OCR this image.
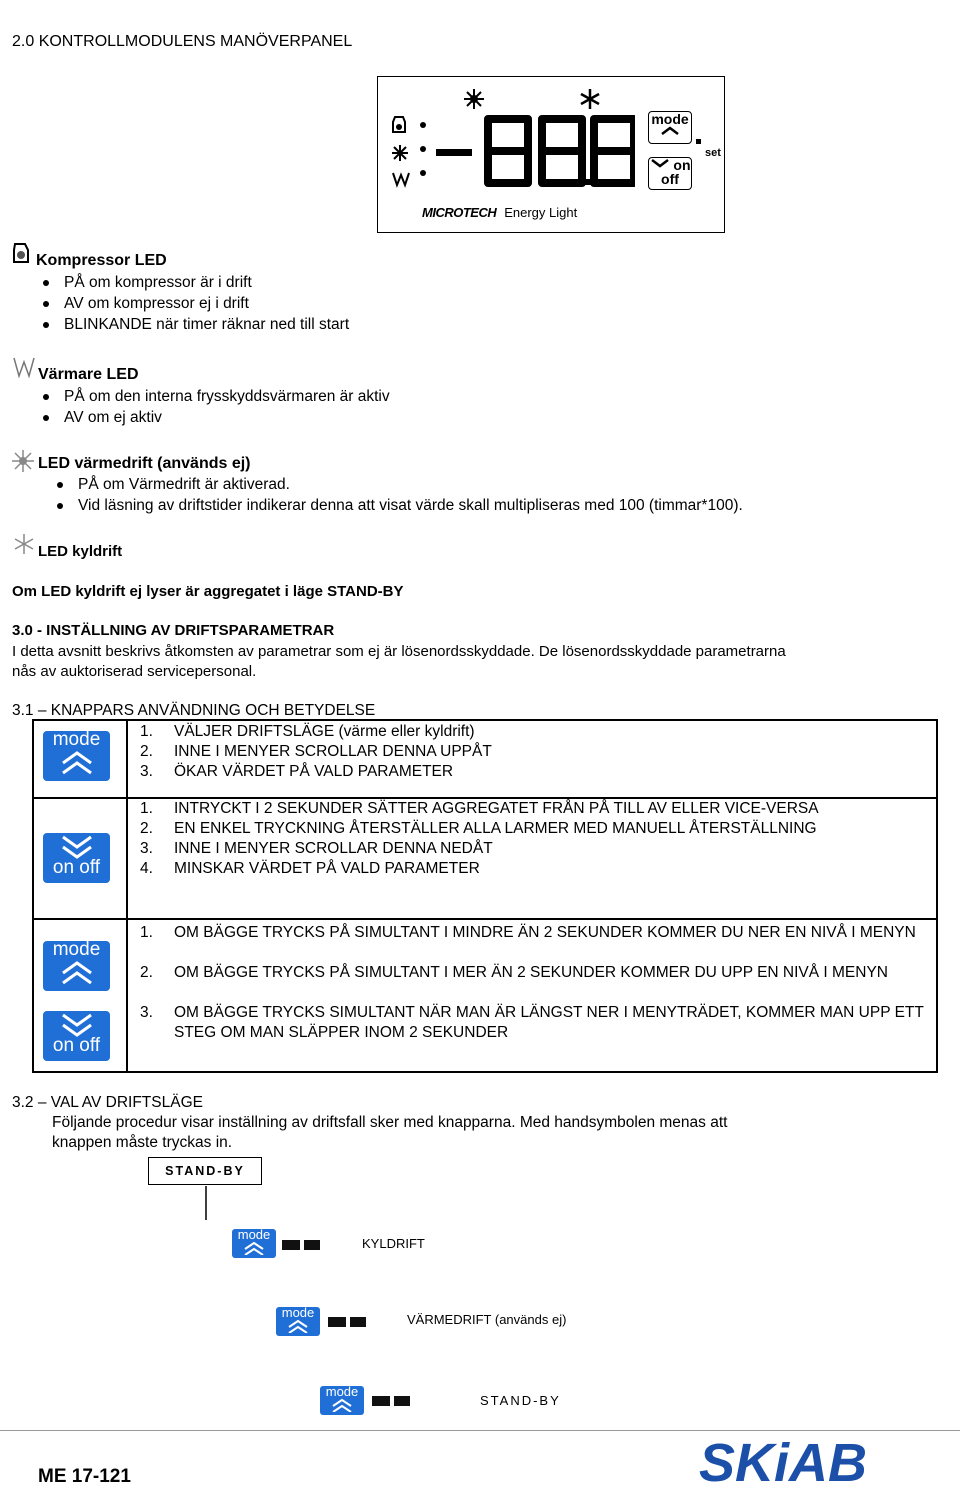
2.0 KONTROLLMODULENS MANÖVERPANEL
mode
on off
set
MICROTECH Energy Light
Kompressor LED
PÅ om kompressor är i drift
AV om kompressor ej i drift
BLINKANDE när timer räknar ned till start
Värmare LED
PÅ om den interna frysskyddsvärmaren är aktiv
AV om ej aktiv
LED värmedrift (används ej)
PÅ om Värmedrift är aktiverad.
Vid läsning av driftstider indikerar denna att visat värde skall multipliseras med 100 (timmar*100).
LED kyldrift
Om LED kyldrift ej lyser är aggregatet i läge STAND-BY
3.0 - INSTÄLLNING AV DRIFTSPARAMETRAR
I detta avsnitt beskrivs åtkomsten av parametrar som ej är lösenordsskyddade. De lösenordsskyddade parametrarna
nås av auktoriserad servicepersonal.
3.1 – KNAPPARS ANVÄNDNING OCH BETYDELSE
mode	1. VÄLJER DRIFTSLÄGE (värme eller kyldrift)
2. INNE I MENYER SCROLLAR DENNA UPPÅT
3. ÖKAR VÄRDET PÅ VALD PARAMETER
on off
1. INTRYCKT I 2 SEKUNDER SÄTTER AGGREGATET FRÅN PÅ TILL AV ELLER VICE-VERSA
2. EN ENKEL TRYCKNING ÅTERSTÄLLER ALLA LARMER MED MANUELL ÅTERSTÄLLNING
3. INNE I MENYER SCROLLAR DENNA NEDÅT
4. MINSKAR VÄRDET PÅ VALD PARAMETER
mode
on off
1. OM BÄGGE TRYCKS PÅ SIMULTANT I MINDRE ÄN 2 SEKUNDER KOMMER DU NER EN NIVÅ I MENYN
2. OM BÄGGE TRYCKS PÅ SIMULTANT I MER ÄN 2 SEKUNDER KOMMER DU UPP EN NIVÅ I MENYN
3. OM BÄGGE TRYCKS SIMULTANT NÄR MAN ÄR LÄNGST NER I MENYTRÄDET, KOMMER MAN UPP ETT STEG OM MAN SLÄPPER INOM 2 SEKUNDER
3.2 – VAL AV DRIFTSLÄGE
Följande procedur visar inställning av driftsfall sker med knapparna. Med handsymbolen menas att
knappen måste tryckas in.
STAND-BY
mode
KYLDRIFT
mode	VÄRMEDRIFT (används ej)
mode
STAND-BY
ME 17-121	SKiAB
